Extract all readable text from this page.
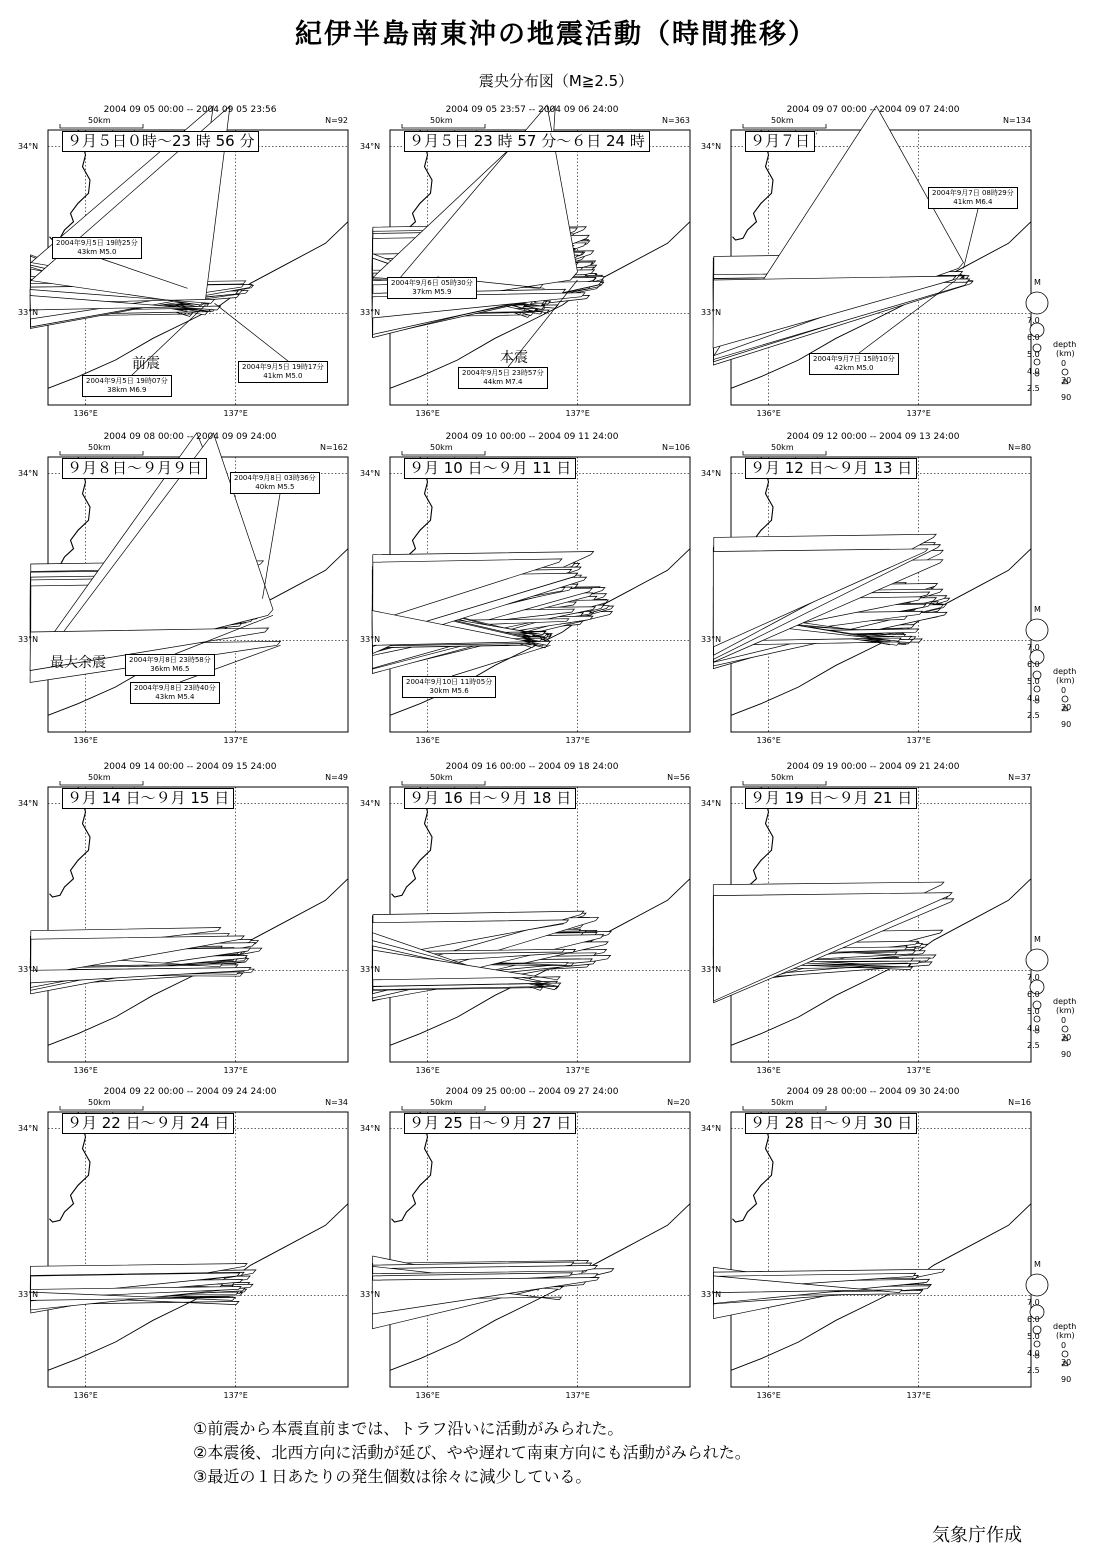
紀伊半島南東沖の地震活動（時間推移）
震央分布図（M≧2.5）
2004 09 05 00:00 -- 2004 09 05 23:56
N=92
９月５日０時～23 時 56 分
50km
34°N
33°N
136°E	137°E
2004年9月5日 19時25分
43km M5.0
2004年9月5日 19時07分
38km M6.9
2004年9月5日 19時17分
41km M5.0
前震
2004 09 05 23:57 -- 2004 09 06 24:00
N=363
９月５日 23 時 57 分～６日 24 時
50km
34°N
33°N
136°E	137°E
2004年9月6日 05時30分
37km M5.9
2004年9月5日 23時57分
44km M7.4
本震
2004 09 07 00:00 -- 2004 09 07 24:00
N=134
９月７日
50km
34°N
33°N
136°E	137°E
2004年9月7日 08時29分
41km M6.4
2004年9月7日 15時10分
42km M5.0
M
7.0
6.0
5.0
4.0
2.5
depth
(km)
0
30
90
2004 09 08 00:00 -- 2004 09 09 24:00
N=162
９月８日～９月９日
50km
34°N
33°N
136°E	137°E
2004年9月8日 03時36分
40km M5.5
2004年9月8日 23時58分
36km M6.5
2004年9月8日 23時40分
43km M5.4
最大余震
2004 09 10 00:00 -- 2004 09 11 24:00
N=106
９月 10 日～９月 11 日
50km
34°N
33°N
136°E	137°E
2004年9月10日 11時05分
30km M5.6
2004 09 12 00:00 -- 2004 09 13 24:00
N=80
９月 12 日～９月 13 日
50km
34°N
33°N
136°E	137°E
M
7.0
6.0
5.0
4.0
2.5
depth
(km)
0
30
90
2004 09 14 00:00 -- 2004 09 15 24:00
N=49
９月 14 日～９月 15 日
50km
34°N
33°N
136°E	137°E
2004 09 16 00:00 -- 2004 09 18 24:00
N=56
９月 16 日～９月 18 日
50km
34°N
33°N
136°E	137°E
2004 09 19 00:00 -- 2004 09 21 24:00
N=37
９月 19 日～９月 21 日
50km
34°N
33°N
136°E	137°E
M
7.0
6.0
5.0
4.0
2.5
depth
(km)
0
30
90
2004 09 22 00:00 -- 2004 09 24 24:00
N=34
９月 22 日～９月 24 日
50km
34°N
33°N
136°E	137°E
2004 09 25 00:00 -- 2004 09 27 24:00
N=20
９月 25 日～９月 27 日
50km
34°N
33°N
136°E	137°E
2004 09 28 00:00 -- 2004 09 30 24:00
N=16
９月 28 日～９月 30 日
50km
34°N
33°N
136°E	137°E
M
7.0
6.0
5.0
4.0
2.5
depth
(km)
0
30
90
①前震から本震直前までは、トラフ沿いに活動がみられた。
②本震後、北西方向に活動が延び、やや遅れて南東方向にも活動がみられた。
③最近の１日あたりの発生個数は徐々に減少している。
気象庁作成
